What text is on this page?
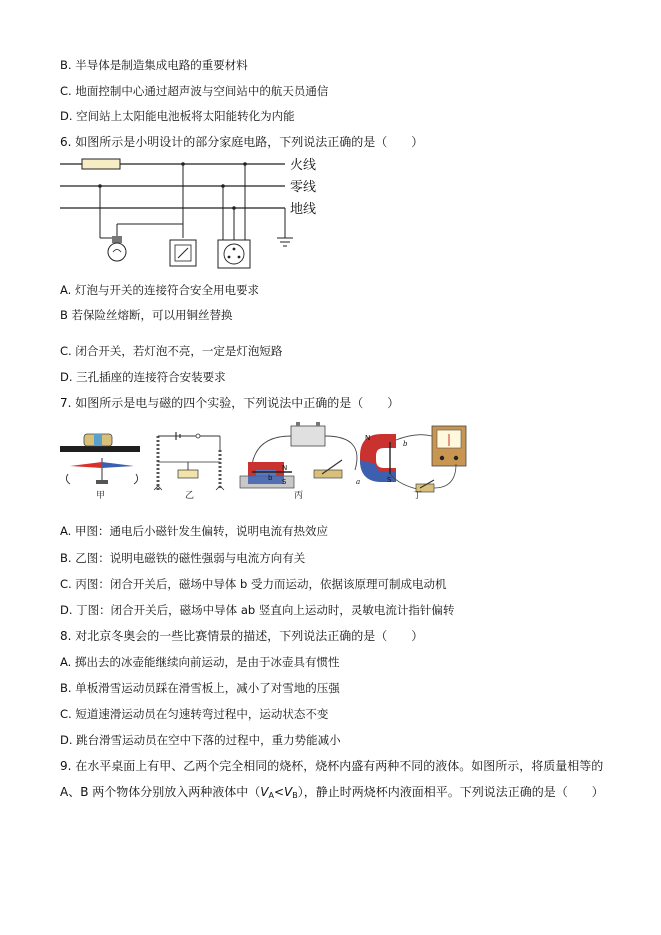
B. 半导体是制造集成电路的重要材料
C. 地面控制中心通过超声波与空间站中的航天员通信
D. 空间站上太阳能电池板将太阳能转化为内能
6. 如图所示是小明设计的部分家庭电路，下列说法正确的是（　　）
火线
零线
地线
A. 灯泡与开关的连接符合安全用电要求
B 若保险丝熔断，可以用铜丝替换
C. 闭合开关，若灯泡不亮，一定是灯泡短路
D. 三孔插座的连接符合安装要求
7. 如图所示是电与磁的四个实验，下列说法中正确的是（　　）
甲	乙
N
S
b
丙
N
S
a
b
丁
A. 甲图：通电后小磁针发生偏转，说明电流有热效应
B. 乙图：说明电磁铁的磁性强弱与电流方向有关
C. 丙图：闭合开关后，磁场中导体 b 受力而运动，依据该原理可制成电动机
D. 丁图：闭合开关后，磁场中导体 ab 竖直向上运动时，灵敏电流计指针偏转
8. 对北京冬奥会的一些比赛情景的描述，下列说法正确的是（　　）
A. 掷出去的冰壶能继续向前运动，是由于冰壶具有惯性
B. 单板滑雪运动员踩在滑雪板上，减小了对雪地的压强
C. 短道速滑运动员在匀速转弯过程中，运动状态不变
D. 跳台滑雪运动员在空中下落的过程中，重力势能减小
9. 在水平桌面上有甲、乙两个完全相同的烧杯，烧杯内盛有两种不同的液体。如图所示，将质量相等的
A、B 两个物体分别放入两种液体中$(V_A<V_B)$，静止时两烧杯内液面相平。下列说法正确的是（　　）
